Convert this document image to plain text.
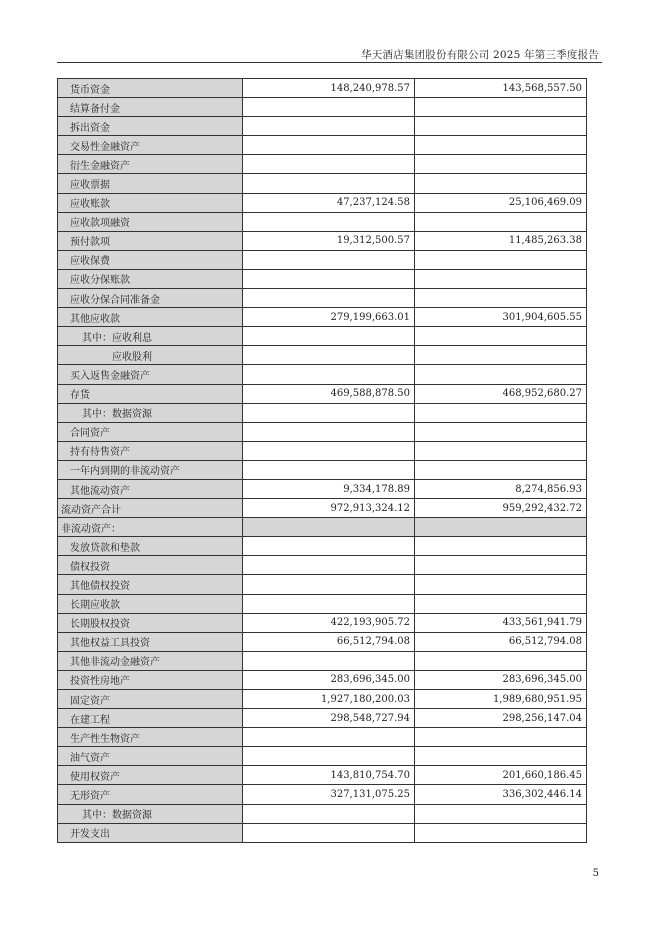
华天酒店集团股份有限公司 2025 年第三季度报告
货币资金	148,240,978.57	143,568,557.50
结算备付金		
拆出资金		
交易性金融资产		
衍生金融资产		
应收票据		
应收账款	47,237,124.58	25,106,469.09
应收款项融资		
预付款项	19,312,500.57	11,485,263.38
应收保费		
应收分保账款		
应收分保合同准备金		
其他应收款	279,199,663.01	301,904,605.55
其中：应收利息		
应收股利		
买入返售金融资产		
存货	469,588,878.50	468,952,680.27
其中：数据资源		
合同资产		
持有待售资产		
一年内到期的非流动资产		
其他流动资产	9,334,178.89	8,274,856.93
流动资产合计	972,913,324.12	959,292,432.72
非流动资产：		
发放贷款和垫款		
债权投资		
其他债权投资		
长期应收款		
长期股权投资	422,193,905.72	433,561,941.79
其他权益工具投资	66,512,794.08	66,512,794.08
其他非流动金融资产		
投资性房地产	283,696,345.00	283,696,345.00
固定资产	1,927,180,200.03	1,989,680,951.95
在建工程	298,548,727.94	298,256,147.04
生产性生物资产		
油气资产		
使用权资产	143,810,754.70	201,660,186.45
无形资产	327,131,075.25	336,302,446.14
其中：数据资源		
开发支出		
5
